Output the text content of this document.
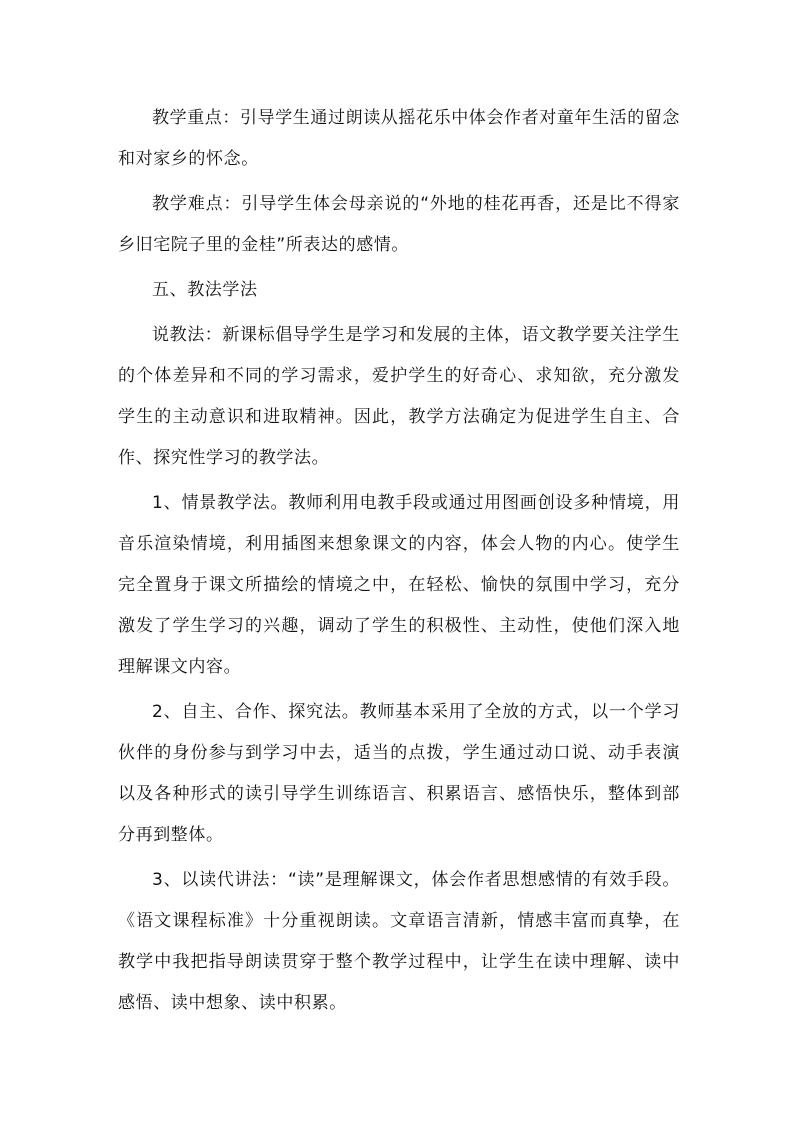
教学重点：引导学生通过朗读从摇花乐中体会作者对童年生活的留念和对家乡的怀念。

教学难点：引导学生体会母亲说的“外地的桂花再香，还是比不得家乡旧宅院子里的金桂”所表达的感情。

五、教法学法

说教法：新课标倡导学生是学习和发展的主体，语文教学要关注学生的个体差异和不同的学习需求，爱护学生的好奇心、求知欲，充分激发学生的主动意识和进取精神。因此，教学方法确定为促进学生自主、合作、探究性学习的教学法。

1、情景教学法。教师利用电教手段或通过用图画创设多种情境，用音乐渲染情境，利用插图来想象课文的内容，体会人物的内心。使学生完全置身于课文所描绘的情境之中，在轻松、愉快的氛围中学习，充分激发了学生学习的兴趣，调动了学生的积极性、主动性，使他们深入地理解课文内容。

2、自主、合作、探究法。教师基本采用了全放的方式，以一个学习伙伴的身份参与到学习中去，适当的点拨，学生通过动口说、动手表演以及各种形式的读引导学生训练语言、积累语言、感悟快乐，整体到部分再到整体。

3、以读代讲法：“读”是理解课文，体会作者思想感情的有效手段。《语文课程标准》十分重视朗读。文章语言清新，情感丰富而真挚，在教学中我把指导朗读贯穿于整个教学过程中，让学生在读中理解、读中感悟、读中想象、读中积累。
